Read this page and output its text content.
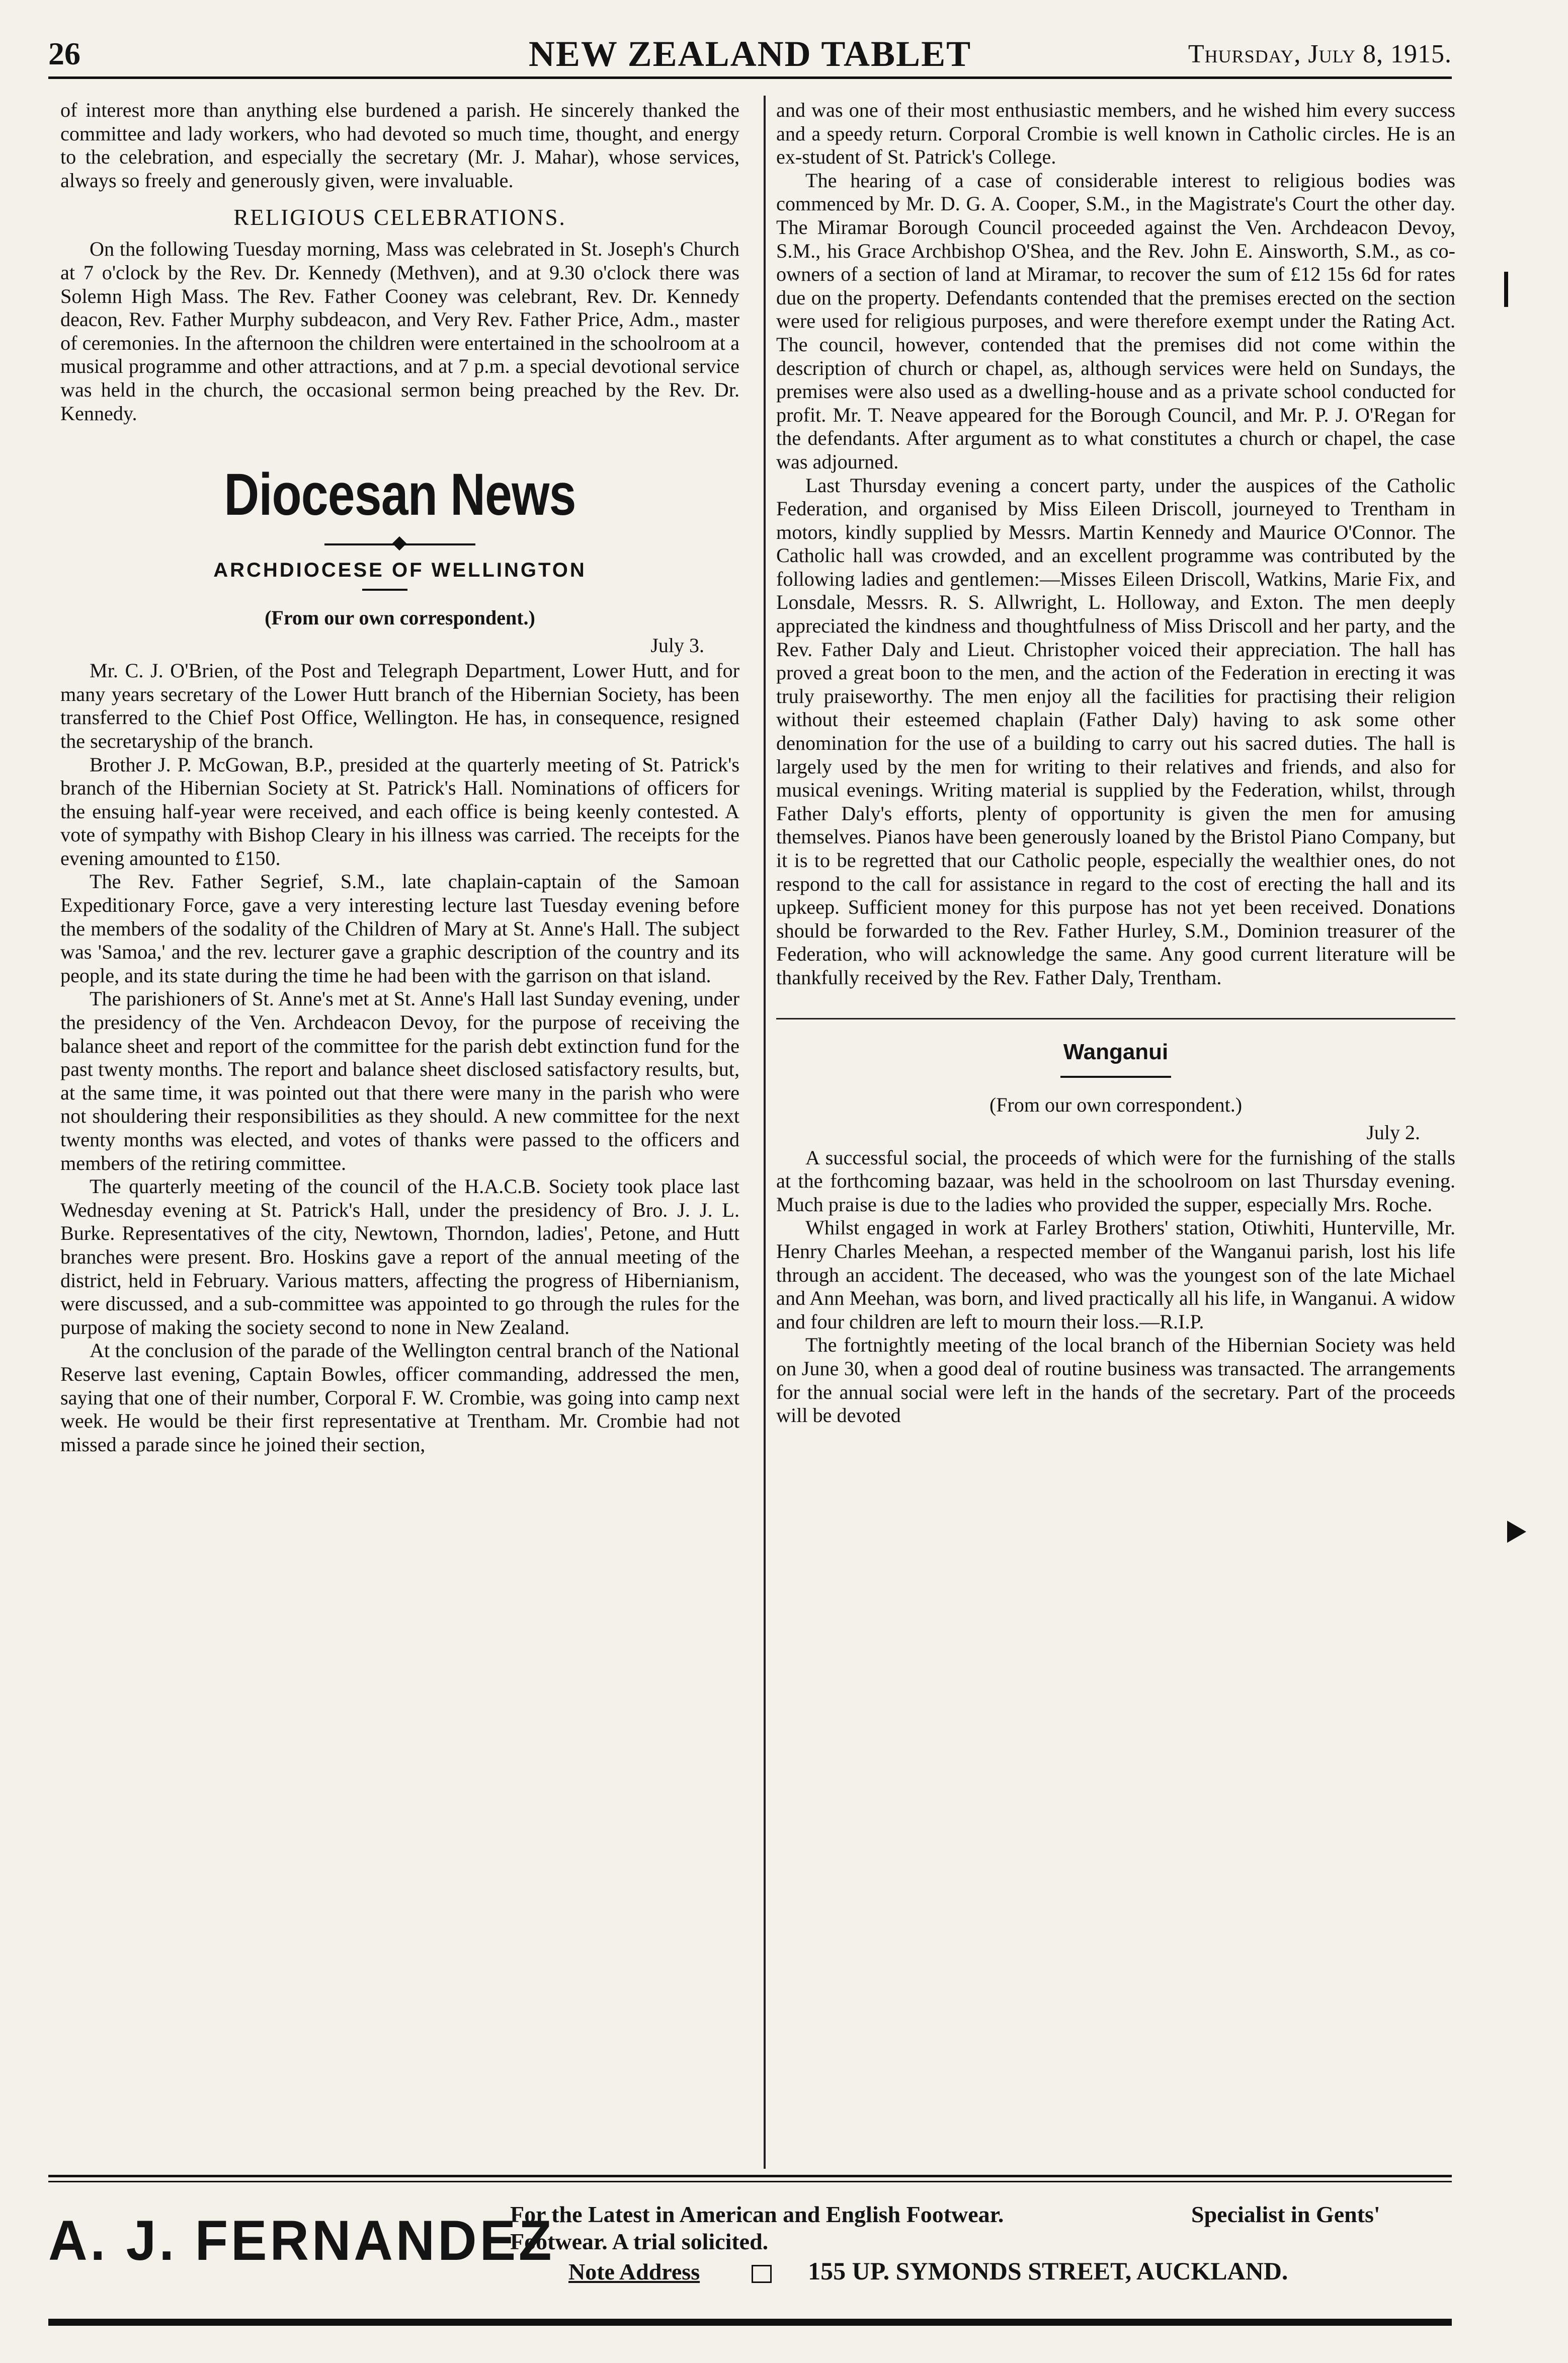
26	NEW ZEALAND TABLET	Thursday, July 8, 1915.

of interest more than anything else burdened a parish. He sincerely thanked the committee and lady workers, who had devoted so much time, thought, and energy to the celebration, and especially the secretary (Mr. J. Mahar), whose services, always so freely and generously given, were invaluable.

RELIGIOUS CELEBRATIONS.

On the following Tuesday morning, Mass was celebrated in St. Joseph's Church at 7 o'clock by the Rev. Dr. Kennedy (Methven), and at 9.30 o'clock there was Solemn High Mass. The Rev. Father Cooney was celebrant, Rev. Dr. Kennedy deacon, Rev. Father Murphy subdeacon, and Very Rev. Father Price, Adm., master of ceremonies. In the afternoon the children were entertained in the schoolroom at a musical programme and other attractions, and at 7 p.m. a special devotional service was held in the church, the occasional sermon being preached by the Rev. Dr. Kennedy.

Diocesan News
ARCHDIOCESE OF WELLINGTON
(From our own correspondent.)
July 3.

Mr. C. J. O'Brien, of the Post and Telegraph Department, Lower Hutt, and for many years secretary of the Lower Hutt branch of the Hibernian Society, has been transferred to the Chief Post Office, Wellington. He has, in consequence, resigned the secretaryship of the branch.

Brother J. P. McGowan, B.P., presided at the quarterly meeting of St. Patrick's branch of the Hibernian Society at St. Patrick's Hall. Nominations of officers for the ensuing half-year were received, and each office is being keenly contested. A vote of sympathy with Bishop Cleary in his illness was carried. The receipts for the evening amounted to £150.

The Rev. Father Segrief, S.M., late chaplain-captain of the Samoan Expeditionary Force, gave a very interesting lecture last Tuesday evening before the members of the sodality of the Children of Mary at St. Anne's Hall. The subject was 'Samoa,' and the rev. lecturer gave a graphic description of the country and its people, and its state during the time he had been with the garrison on that island.

The parishioners of St. Anne's met at St. Anne's Hall last Sunday evening, under the presidency of the Ven. Archdeacon Devoy, for the purpose of receiving the balance sheet and report of the committee for the parish debt extinction fund for the past twenty months. The report and balance sheet disclosed satisfactory results, but, at the same time, it was pointed out that there were many in the parish who were not shouldering their responsibilities as they should. A new committee for the next twenty months was elected, and votes of thanks were passed to the officers and members of the retiring committee.

The quarterly meeting of the council of the H.A.C.B. Society took place last Wednesday evening at St. Patrick's Hall, under the presidency of Bro. J. J. L. Burke. Representatives of the city, Newtown, Thorndon, ladies', Petone, and Hutt branches were present. Bro. Hoskins gave a report of the annual meeting of the district, held in February. Various matters, affecting the progress of Hibernianism, were discussed, and a sub-committee was appointed to go through the rules for the purpose of making the society second to none in New Zealand.

At the conclusion of the parade of the Wellington central branch of the National Reserve last evening, Captain Bowles, officer commanding, addressed the men, saying that one of their number, Corporal F. W. Crombie, was going into camp next week. He would be their first representative at Trentham. Mr. Crombie had not missed a parade since he joined their section,

and was one of their most enthusiastic members, and he wished him every success and a speedy return. Corporal Crombie is well known in Catholic circles. He is an ex-student of St. Patrick's College.

The hearing of a case of considerable interest to religious bodies was commenced by Mr. D. G. A. Cooper, S.M., in the Magistrate's Court the other day. The Miramar Borough Council proceeded against the Ven. Archdeacon Devoy, S.M., his Grace Archbishop O'Shea, and the Rev. John E. Ainsworth, S.M., as co-owners of a section of land at Miramar, to recover the sum of £12 15s 6d for rates due on the property. Defendants contended that the premises erected on the section were used for religious purposes, and were therefore exempt under the Rating Act. The council, however, contended that the premises did not come within the description of church or chapel, as, although services were held on Sundays, the premises were also used as a dwelling-house and as a private school conducted for profit. Mr. T. Neave appeared for the Borough Council, and Mr. P. J. O'Regan for the defendants. After argument as to what constitutes a church or chapel, the case was adjourned.

Last Thursday evening a concert party, under the auspices of the Catholic Federation, and organised by Miss Eileen Driscoll, journeyed to Trentham in motors, kindly supplied by Messrs. Martin Kennedy and Maurice O'Connor. The Catholic hall was crowded, and an excellent programme was contributed by the following ladies and gentlemen:—Misses Eileen Driscoll, Watkins, Marie Fix, and Lonsdale, Messrs. R. S. Allwright, L. Holloway, and Exton. The men deeply appreciated the kindness and thoughtfulness of Miss Driscoll and her party, and the Rev. Father Daly and Lieut. Christopher voiced their appreciation. The hall has proved a great boon to the men, and the action of the Federation in erecting it was truly praiseworthy. The men enjoy all the facilities for practising their religion without their esteemed chaplain (Father Daly) having to ask some other denomination for the use of a building to carry out his sacred duties. The hall is largely used by the men for writing to their relatives and friends, and also for musical evenings. Writing material is supplied by the Federation, whilst, through Father Daly's efforts, plenty of opportunity is given the men for amusing themselves. Pianos have been generously loaned by the Bristol Piano Company, but it is to be regretted that our Catholic people, especially the wealthier ones, do not respond to the call for assistance in regard to the cost of erecting the hall and its upkeep. Sufficient money for this purpose has not yet been received. Donations should be forwarded to the Rev. Father Hurley, S.M., Dominion treasurer of the Federation, who will acknowledge the same. Any good current literature will be thankfully received by the Rev. Father Daly, Trentham.

Wanganui
(From our own correspondent.)
July 2.

A successful social, the proceeds of which were for the furnishing of the stalls at the forthcoming bazaar, was held in the schoolroom on last Thursday evening. Much praise is due to the ladies who provided the supper, especially Mrs. Roche.

Whilst engaged in work at Farley Brothers' station, Otiwhiti, Hunterville, Mr. Henry Charles Meehan, a respected member of the Wanganui parish, lost his life through an accident. The deceased, who was the youngest son of the late Michael and Ann Meehan, was born, and lived practically all his life, in Wanganui. A widow and four children are left to mourn their loss.—R.I.P.

The fortnightly meeting of the local branch of the Hibernian Society was held on June 30, when a good deal of routine business was transacted. The arrangements for the annual social were left in the hands of the secretary. Part of the proceeds will be devoted

A. J. FERNANDEZ
For the Latest in American and English Footwear.
Footwear. A trial solicited.
Specialist in Gents'
Note Address	155 UP. SYMONDS STREET, AUCKLAND.
